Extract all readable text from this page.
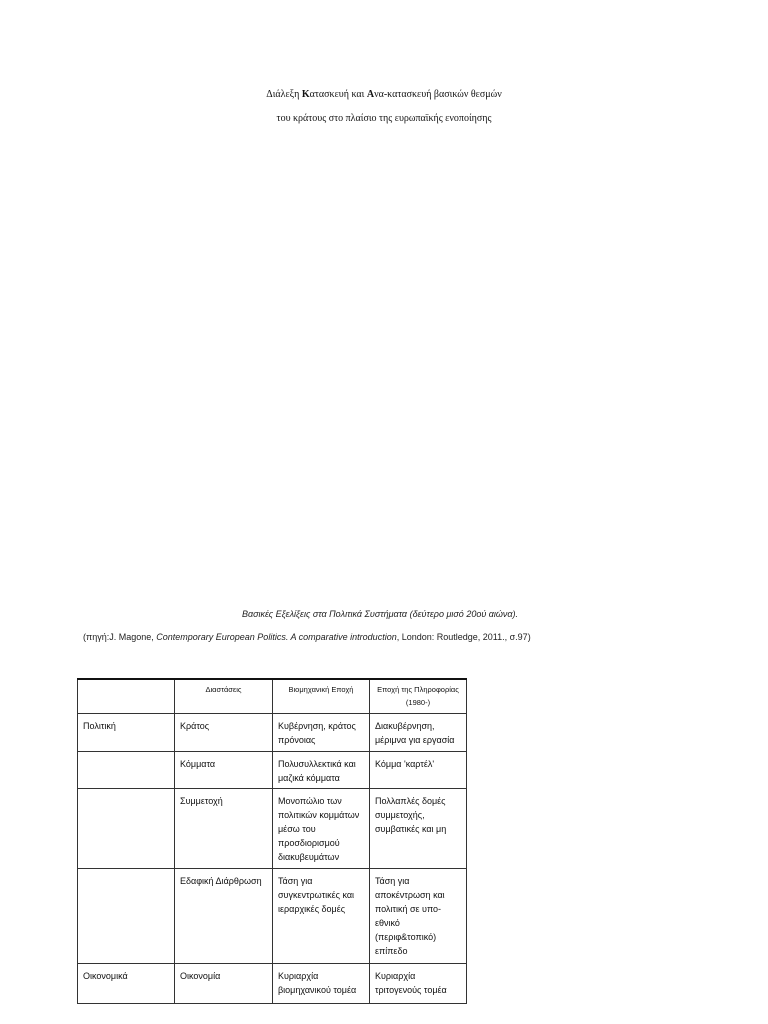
Διάλεξη Κατασκευή και Ανα-κατασκευή βασικών θεσμών
του κράτους στο πλαίσιο της ευρωπαϊκής ενοποίησης
Βασικές Εξελίξεις στα Πολιτικά Συστήματα (δεύτερο μισό 20ού αιώνα).
(πηγή:J. Magone, Contemporary European Politics. A comparative introduction, London: Routledge, 2011., σ.97)
	Διαστάσεις	Βιομηχανική Εποχή	Εποχή της Πληροφορίας (1980-)
Πολιτική	Κράτος	Κυβέρνηση, κράτος πρόνοιας	Διακυβέρνηση, μέριμνα για εργασία
	Κόμματα	Πολυσυλλεκτικά και μαζικά κόμματα	Κόμμα 'καρτέλ'
	Συμμετοχή	Μονοπώλιο των πολιτικών κομμάτων μέσω του προσδιορισμού διακυβευμάτων	Πολλαπλές δομές συμμετοχής, συμβατικές και μη
	Εδαφική Διάρθρωση	Τάση για συγκεντρωτικές και ιεραρχικές δομές	Τάση για αποκέντρωση και πολιτική σε υπο-εθνικό (περιφ&τοπικό) επίπεδο
Οικονομικά	Οικονομία	Κυριαρχία βιομηχανικού τομέα	Κυριαρχία τριτογενούς τομέα
